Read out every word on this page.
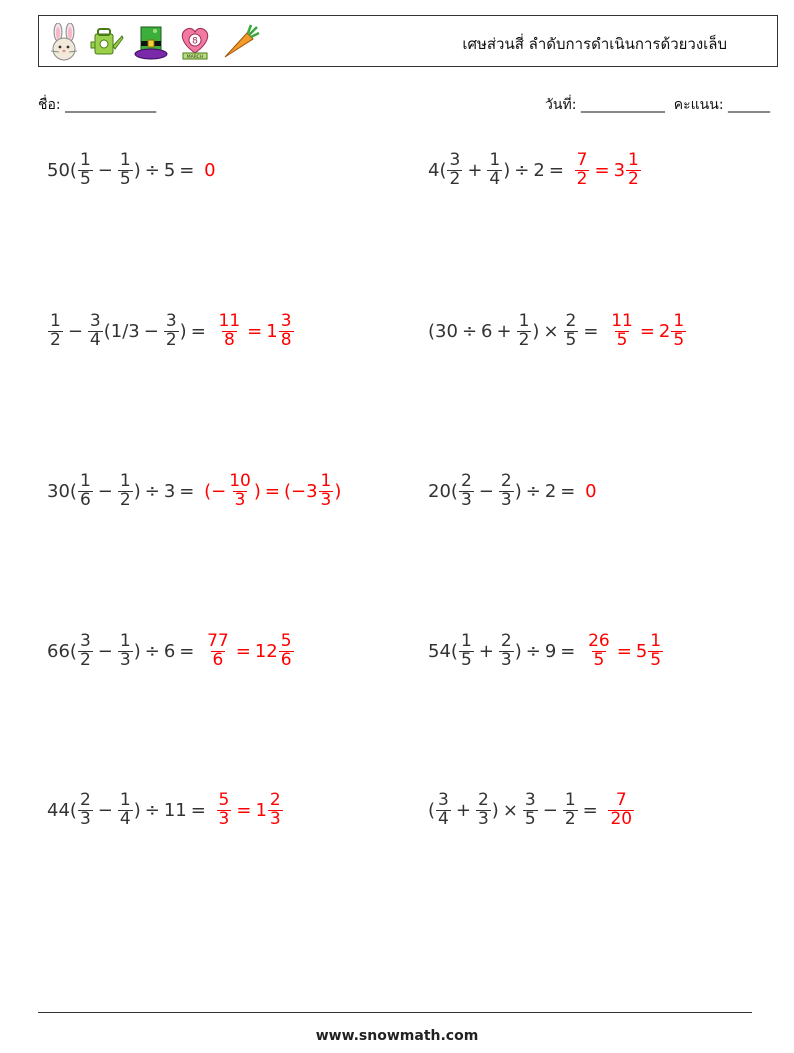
8
MARCH
เศษส่วนสี่ ลำดับการดำเนินการด้วยวงเล็บ
ชื่อ: _____________	วันที่: ____________  คะแนน: ______
$50( \frac{1}{5} - \frac{1}{5}$ ) ÷ 5 =
0	$4( \frac{3}{2} + \frac{1}{4}$ ) ÷ 2 =
$\frac{7}{2} = 3 \frac{1}{2}$
$\frac{1}{2} - \frac{3}{4} (1/3 - \frac{3}{2}$ ) =
$\frac{11}{8} = 1 \frac{3}{8}$	($30 \div 6 + \frac{1}{2}$ ) × $\frac{2}{5}$ =
$\frac{11}{5} = 2 \frac{1}{5}$
$30( \frac{1}{6} - \frac{1}{2}$ ) ÷ 3 =
(− $\frac{10}{3}$ ) = ($-3 \frac{1}{3}$ )	$20( \frac{2}{3} - \frac{2}{3}$ ) ÷ 2 =
0
$66( \frac{3}{2} - \frac{1}{3}$ ) ÷ 6 =
$\frac{77}{6} = 12 \frac{5}{6}$	$54( \frac{1}{5} + \frac{2}{3}$ ) ÷ 9 =
$\frac{26}{5} = 5 \frac{1}{5}$
$44( \frac{2}{3} - \frac{1}{4}$ ) ÷ 11 =
$\frac{5}{3} = 1 \frac{2}{3}$	( $\frac{3}{4} + \frac{2}{3}$ ) × $\frac{3}{5} - \frac{1}{2}$ =
$\frac{7}{20}$
www.snowmath.com
